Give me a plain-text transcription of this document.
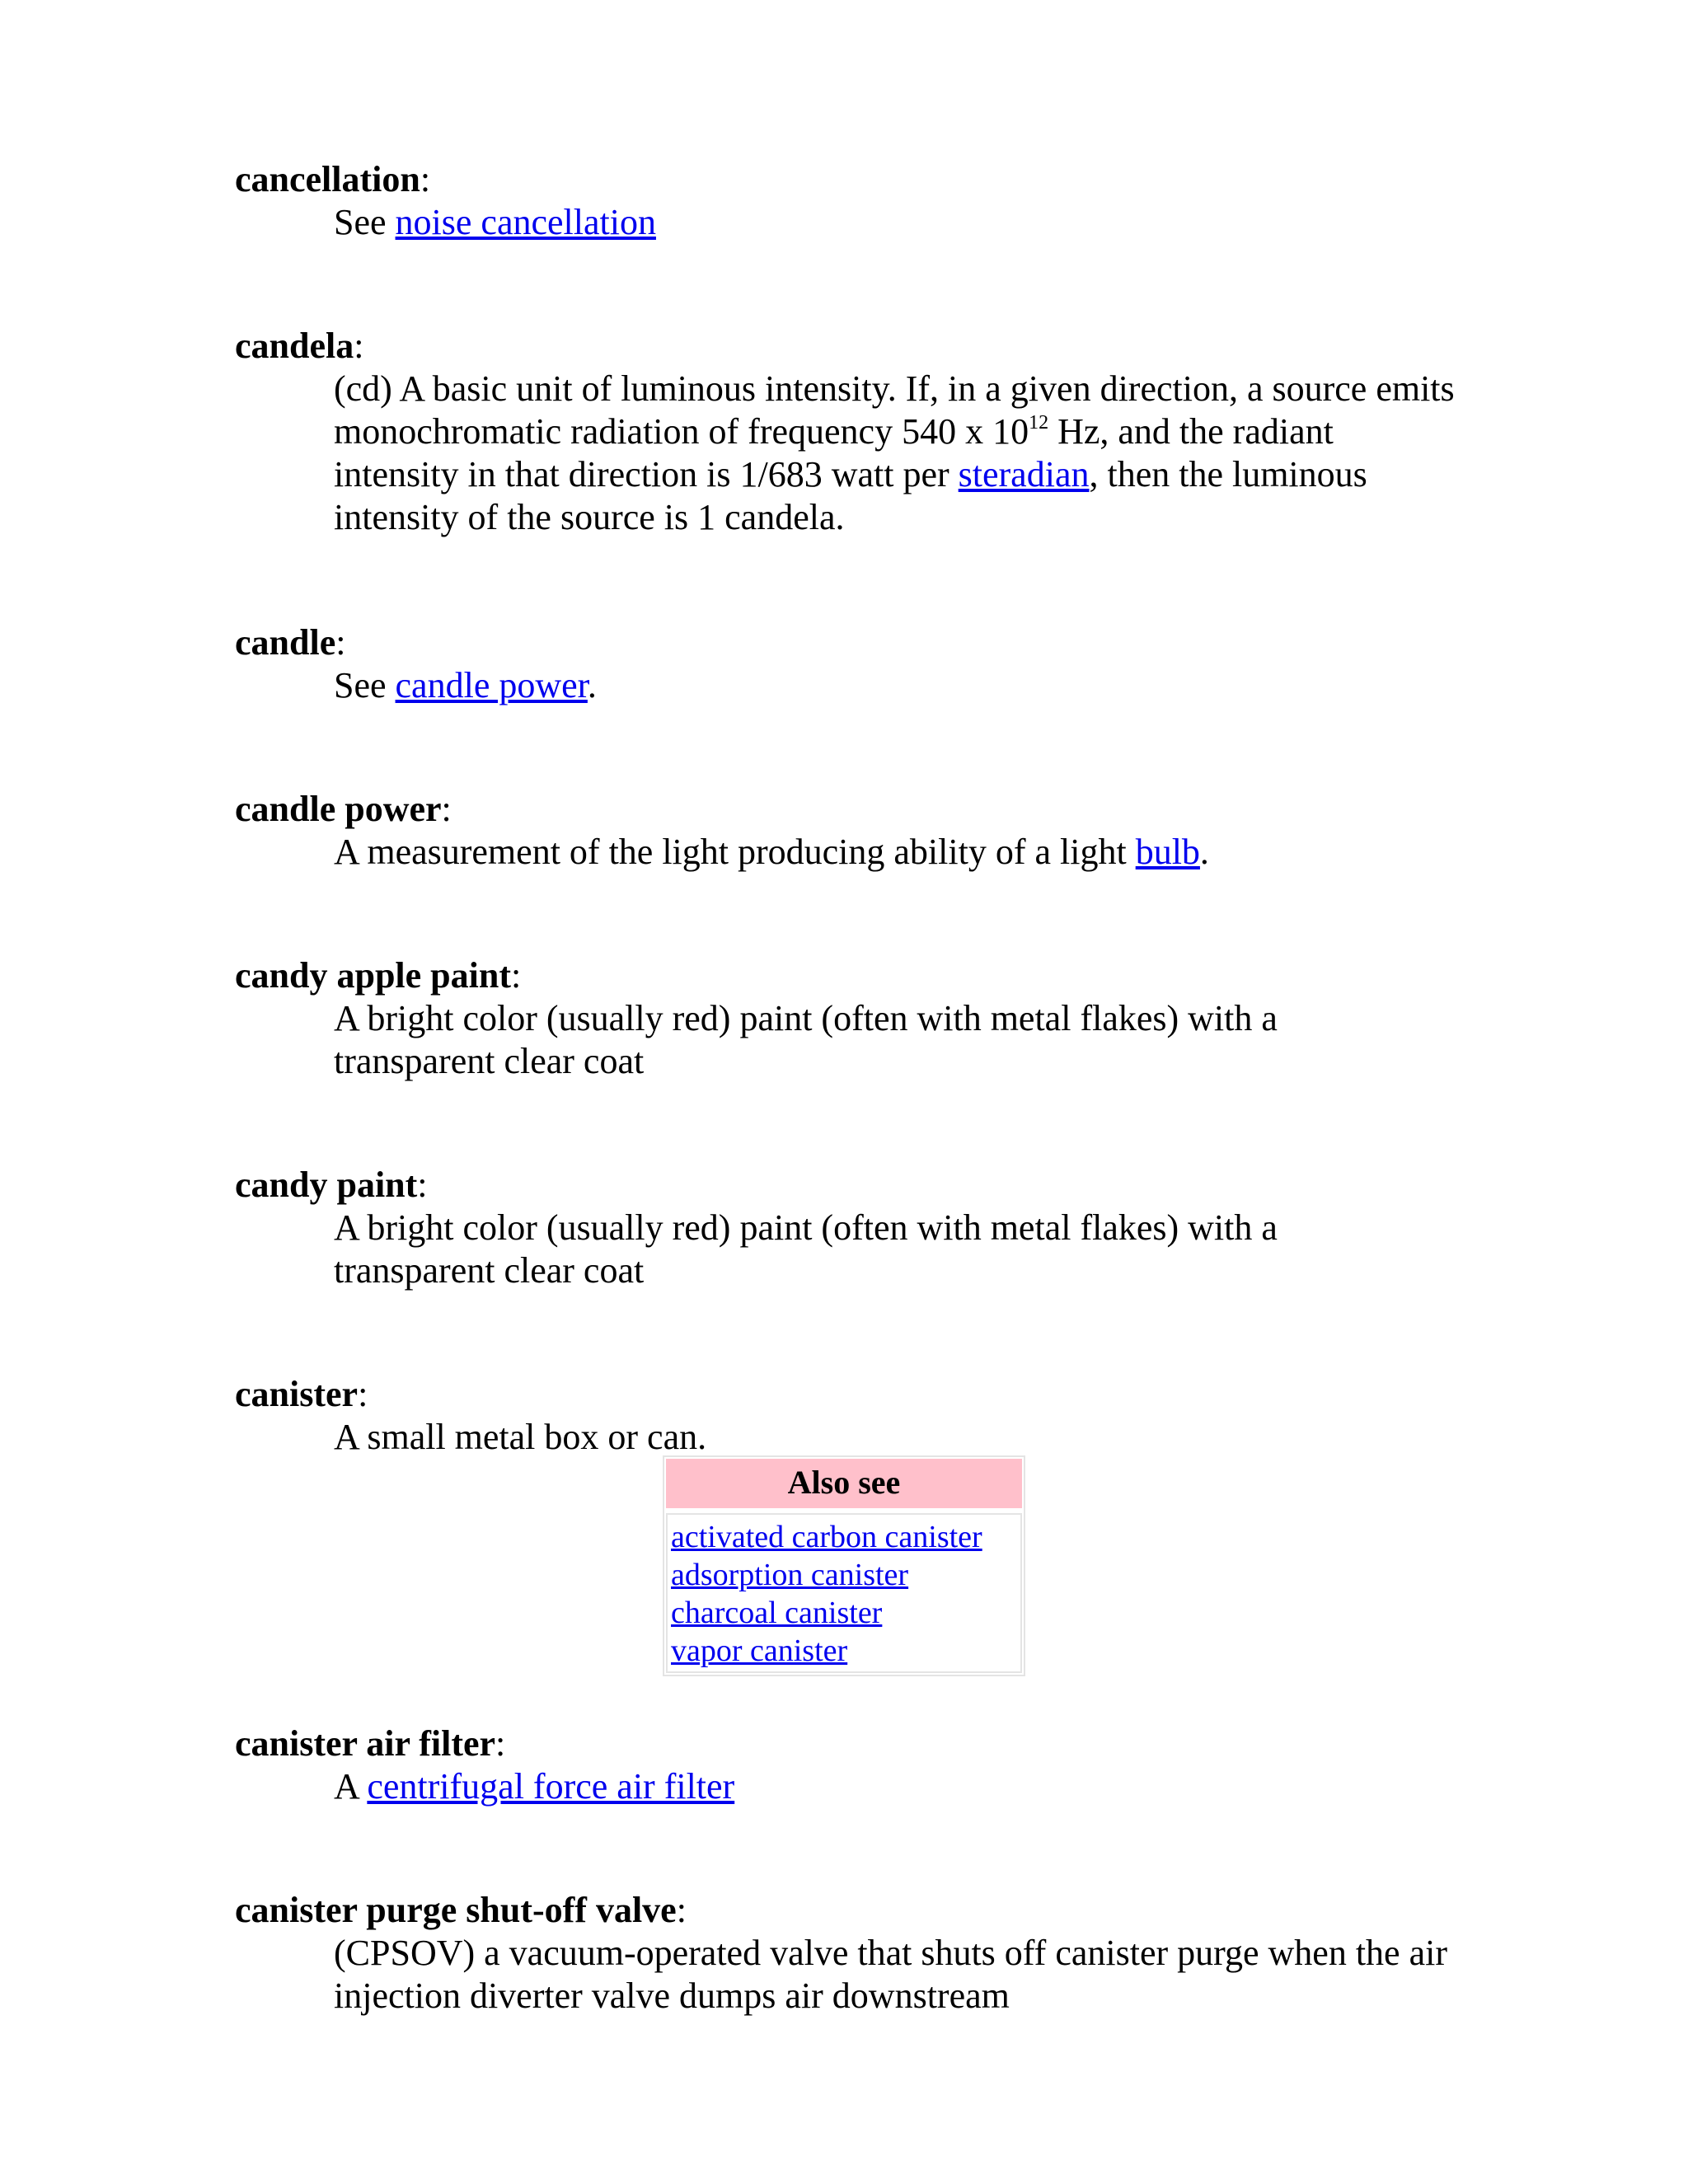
cancellation:

See noise cancellation

candela:

(cd) A basic unit of luminous intensity. If, in a given direction, a source emits monochromatic radiation of frequency 540 x $10^{12}$ Hz, and the radiant intensity in that direction is 1/683 watt per steradian, then the luminous intensity of the source is 1 candela.

candle:

See candle power.

candle power:

A measurement of the light producing ability of a light bulb.

candy apple paint:

A bright color (usually red) paint (often with metal flakes) with a transparent clear coat

candy paint:

A bright color (usually red) paint (often with metal flakes) with a transparent clear coat

canister:

A small metal box or can.

Also see
activated carbon canister
adsorption canister
charcoal canister
vapor canister

canister air filter:

A centrifugal force air filter

canister purge shut-off valve:

(CPSOV) a vacuum-operated valve that shuts off canister purge when the air injection diverter valve dumps air downstream
